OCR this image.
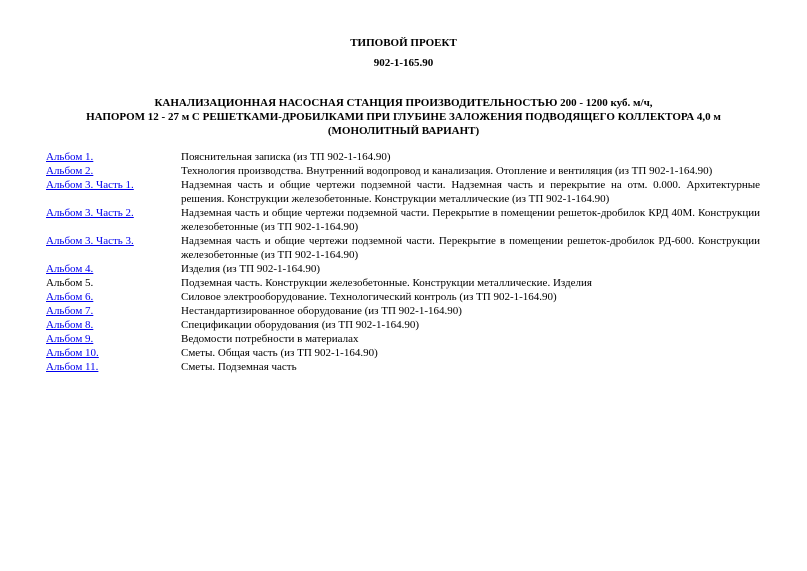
ТИПОВОЙ ПРОЕКТ
902-1-165.90
КАНАЛИЗАЦИОННАЯ НАСОСНАЯ СТАНЦИЯ ПРОИЗВОДИТЕЛЬНОСТЬЮ 200 - 1200 куб. м/ч,
НАПОРОМ 12 - 27 м С РЕШЕТКАМИ-ДРОБИЛКАМИ ПРИ ГЛУБИНЕ ЗАЛОЖЕНИЯ ПОДВОДЯЩЕГО КОЛЛЕКТОРА 4,0 м
(МОНОЛИТНЫЙ ВАРИАНТ)
Альбом 1.	Пояснительная записка (из ТП 902-1-164.90)
Альбом 2.	Технология производства. Внутренний водопровод и канализация. Отопление и вентиляция (из ТП 902-1-164.90)
Альбом 3. Часть 1.	Надземная часть и общие чертежи подземной части. Надземная часть и перекрытие на отм. 0.000. Архитектурные решения. Конструкции железобетонные. Конструкции металлические (из ТП 902-1-164.90)
Альбом 3. Часть 2.	Надземная часть и общие чертежи подземной части. Перекрытие в помещении решеток-дробилок КРД 40М. Конструкции железобетонные (из ТП 902-1-164.90)
Альбом 3. Часть 3.	Надземная часть и общие чертежи подземной части. Перекрытие в помещении решеток-дробилок РД-600. Конструкции железобетонные (из ТП 902-1-164.90)
Альбом 4.	Изделия (из ТП 902-1-164.90)
Альбом 5.	Подземная часть. Конструкции железобетонные. Конструкции металлические. Изделия
Альбом 6.	Силовое электрооборудование. Технологический контроль (из ТП 902-1-164.90)
Альбом 7.	Нестандартизированное оборудование (из ТП 902-1-164.90)
Альбом 8.	Спецификации оборудования (из ТП 902-1-164.90)
Альбом 9.	Ведомости потребности в материалах
Альбом 10.	Сметы. Общая часть (из ТП 902-1-164.90)
Альбом 11.	Сметы. Подземная часть
